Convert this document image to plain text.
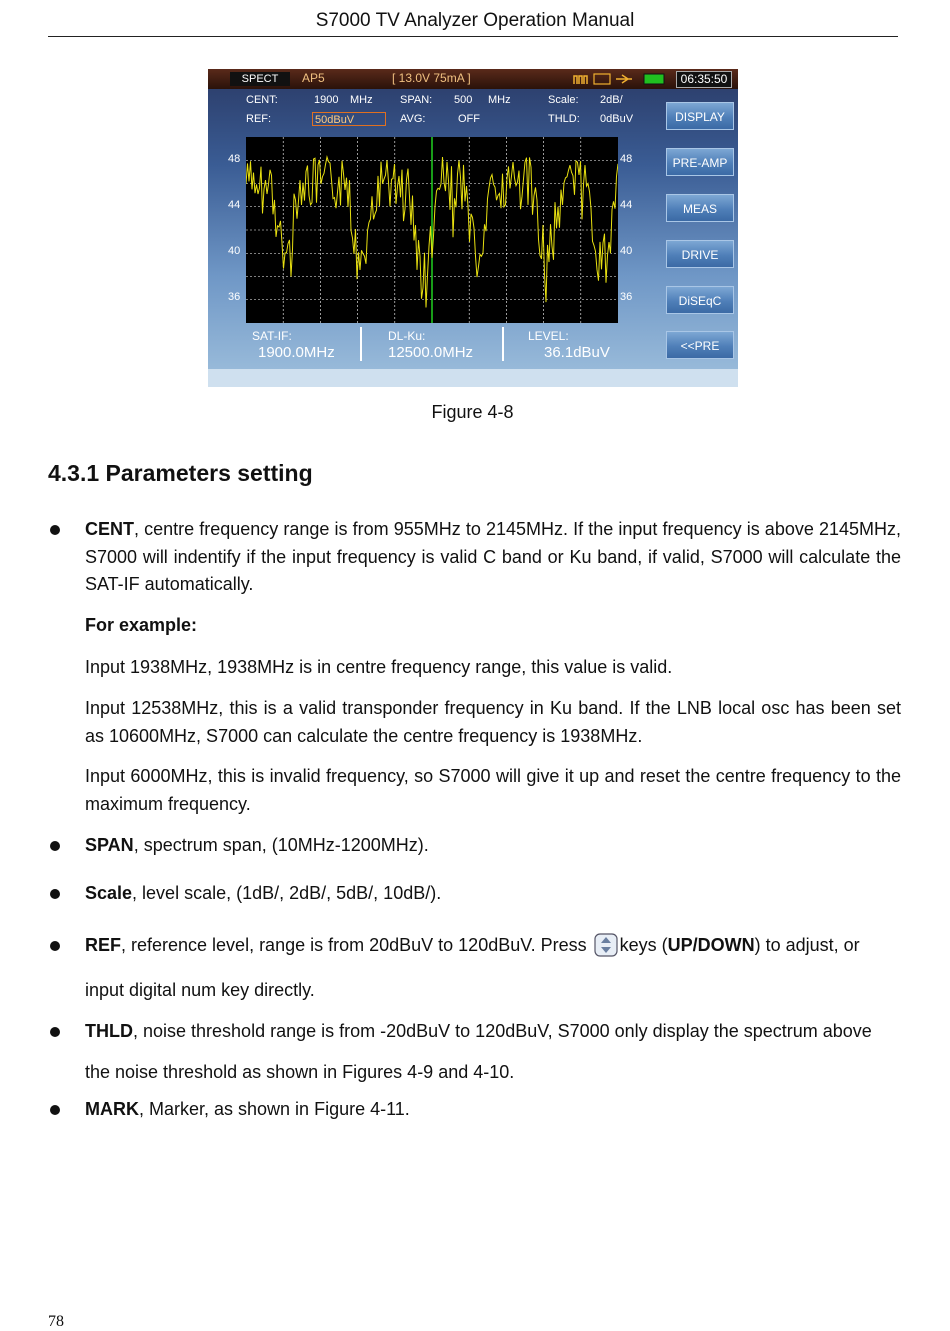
S7000 TV Analyzer Operation Manual
SPECT	AP5	[ 13.0V 75mA ]	06:35:50
CENT:	1900 MHz SPAN: 500 MHz	Scale: 2dB/
REF:	50dBuV	AVG:	OFF	THLD: 0dBuV
48
44
40
36
48
44
40
36
DISPLAY
PRE-AMP
MEAS
DRIVE
DiSEqC
<<PRE
SAT-IF:
1900.0MHz
DL-Ku:
12500.0MHz
LEVEL:
36.1dBuV
Figure 4-8
4.3.1 Parameters setting
CENT, centre frequency range is from 955MHz to 2145MHz. If the input frequency is above 2145MHz, S7000 will indentify if the input frequency is valid C band or Ku band, if valid, S7000 will calculate the SAT-IF automatically.
For example:
Input 1938MHz, 1938MHz is in centre frequency range, this value is valid.
Input 12538MHz, this is a valid transponder frequency in Ku band. If the LNB local osc has been set as 10600MHz, S7000 can calculate the centre frequency is 1938MHz.
Input 6000MHz, this is invalid frequency, so S7000 will give it up and reset the centre frequency to the maximum frequency.
SPAN, spectrum span, (10MHz-1200MHz).
Scale, level scale, (1dB/, 2dB/, 5dB/, 10dB/).
REF, reference level, range is from 20dBuV to 120dBuV. Press keys (UP/DOWN) to adjust, or
input digital num key directly.
THLD, noise threshold range is from -20dBuV to 120dBuV, S7000 only display the spectrum above
the noise threshold as shown in Figures 4-9 and 4-10.
MARK, Marker, as shown in Figure 4-11.
78
